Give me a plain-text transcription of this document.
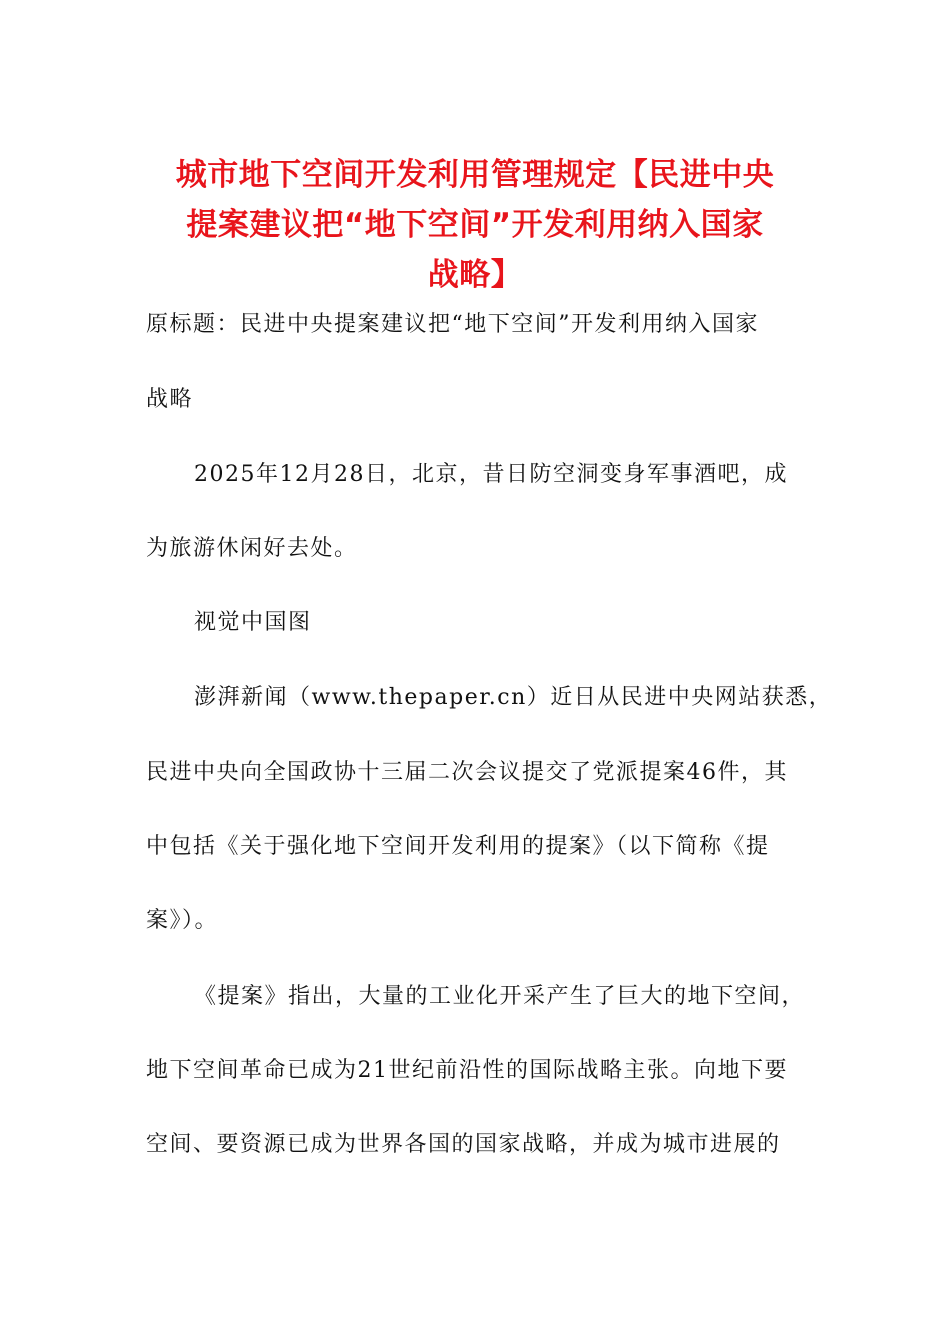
城市地下空间开发利用管理规定【民进中央
提案建议把“地下空间”开发利用纳入国家
战略】
原标题：民进中央提案建议把“地下空间”开发利用纳入国家
战略
2025年12月28日，北京，昔日防空洞变身军事酒吧，成
为旅游休闲好去处。
视觉中国图
澎湃新闻（www.thepaper.cn）近日从民进中央网站获悉，
民进中央向全国政协十三届二次会议提交了党派提案46件，其
中包括《关于强化地下空间开发利用的提案》（以下简称《提
案》）。
《提案》指出，大量的工业化开采产生了巨大的地下空间，
地下空间革命已成为21世纪前沿性的国际战略主张。向地下要
空间、要资源已成为世界各国的国家战略，并成为城市进展的
